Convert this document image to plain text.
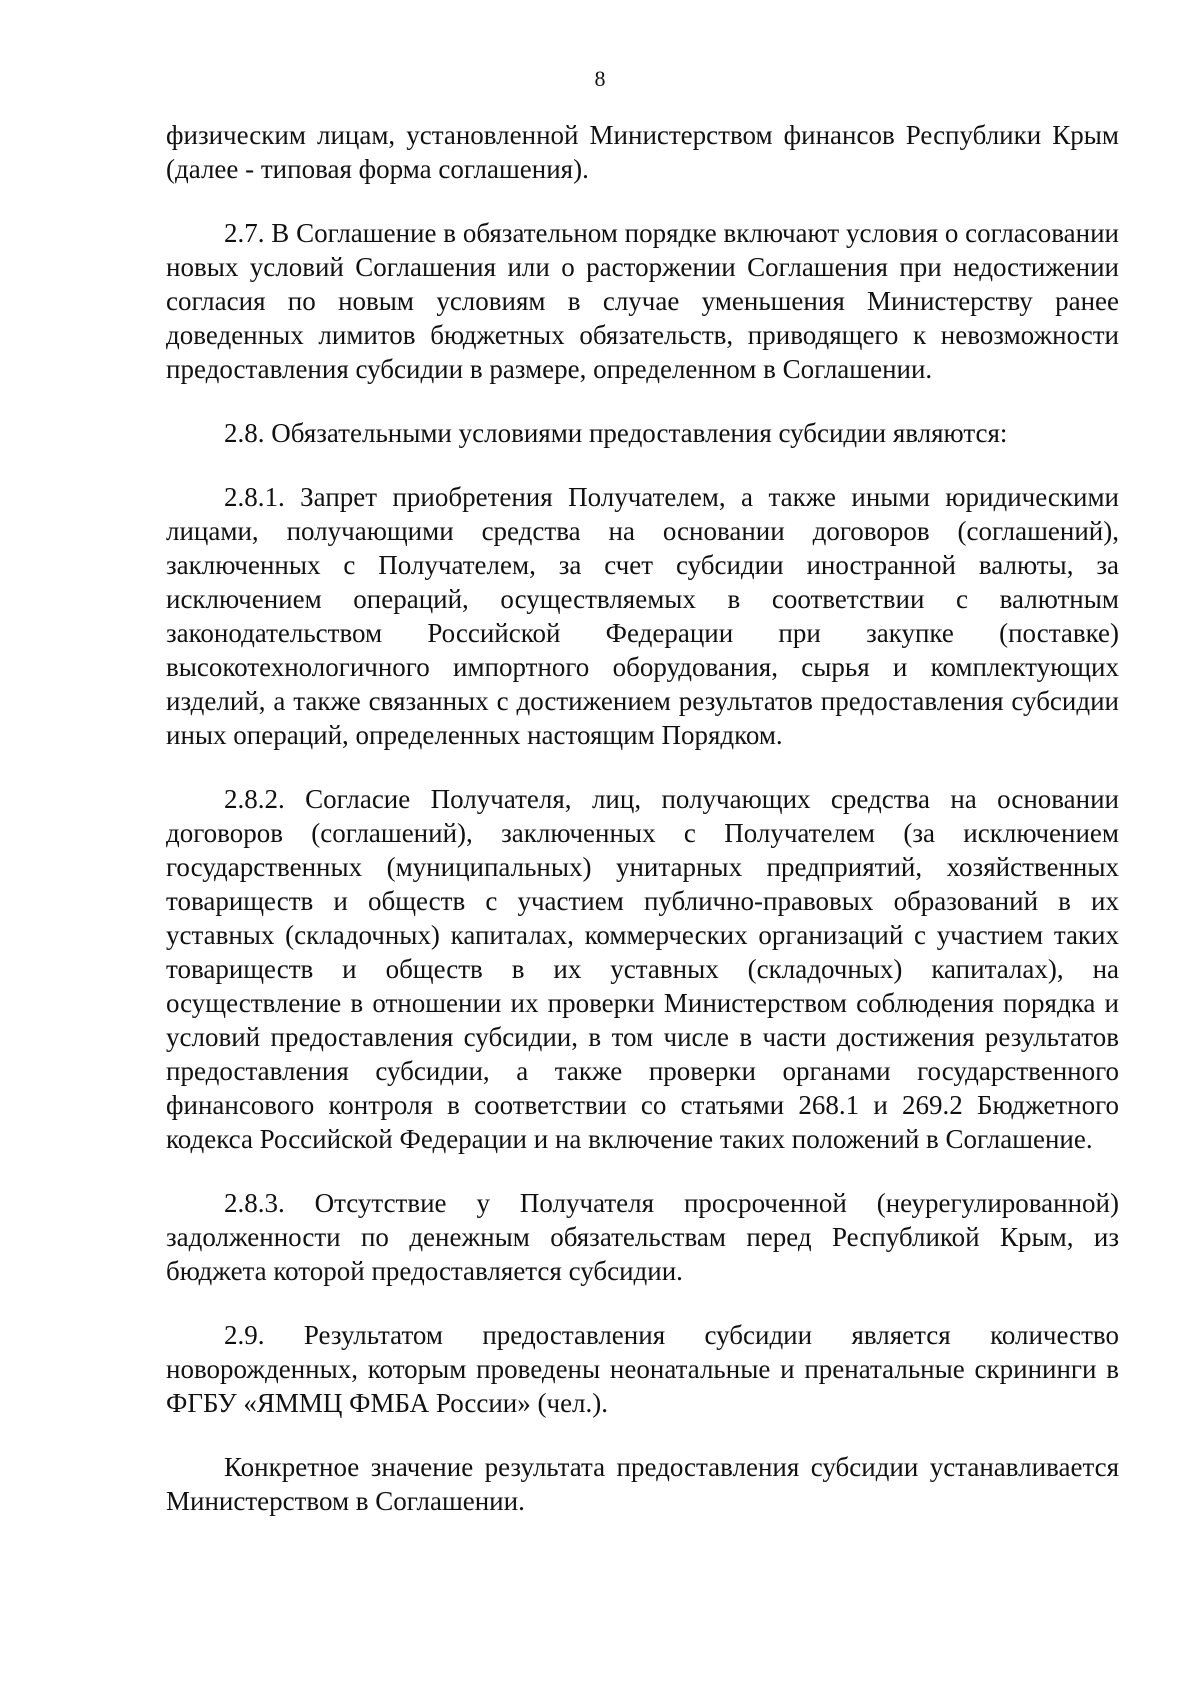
8

физическим лицам, установленной Министерством финансов Республики Крым (далее - типовая форма соглашения).

2.7. В Соглашение в обязательном порядке включают условия о согласовании новых условий Соглашения или о расторжении Соглашения при недостижении согласия по новым условиям в случае уменьшения Министерству ранее доведенных лимитов бюджетных обязательств, приводящего к невозможности предоставления субсидии в размере, определенном в Соглашении.

2.8. Обязательными условиями предоставления субсидии являются:

2.8.1. Запрет приобретения Получателем, а также иными юридическими лицами, получающими средства на основании договоров (соглашений), заключенных с Получателем, за счет субсидии иностранной валюты, за исключением операций, осуществляемых в соответствии с валютным законодательством Российской Федерации при закупке (поставке) высокотехнологичного импортного оборудования, сырья и комплектующих изделий, а также связанных с достижением результатов предоставления субсидии иных операций, определенных настоящим Порядком.

2.8.2. Согласие Получателя, лиц, получающих средства на основании договоров (соглашений), заключенных с Получателем (за исключением государственных (муниципальных) унитарных предприятий, хозяйственных товариществ и обществ с участием публично-правовых образований в их уставных (складочных) капиталах, коммерческих организаций с участием таких товариществ и обществ в их уставных (складочных) капиталах), на осуществление в отношении их проверки Министерством соблюдения порядка и условий предоставления субсидии, в том числе в части достижения результатов предоставления субсидии, а также проверки органами государственного финансового контроля в соответствии со статьями 268.1 и 269.2 Бюджетного кодекса Российской Федерации и на включение таких положений в Соглашение.

2.8.3. Отсутствие у Получателя просроченной (неурегулированной) задолженности по денежным обязательствам перед Республикой Крым, из бюджета которой предоставляется субсидии.

2.9. Результатом предоставления субсидии является количество новорожденных, которым проведены неонатальные и пренатальные скрининги в ФГБУ «ЯММЦ ФМБА России» (чел.).

Конкретное значение результата предоставления субсидии устанавливается Министерством в Соглашении.
